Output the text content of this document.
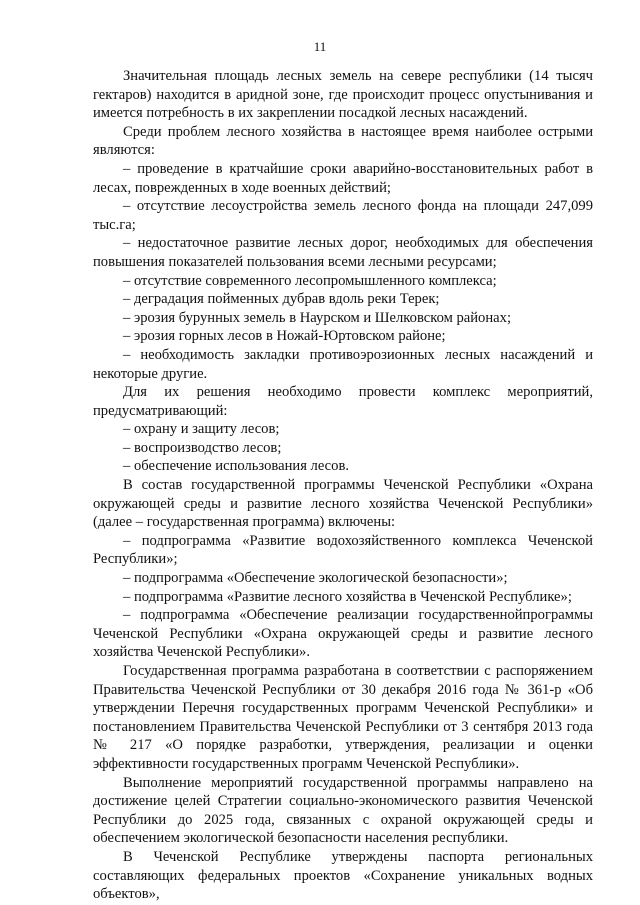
11

Значительная площадь лесных земель на севере республики (14 тысяч гектаров) находится в аридной зоне, где происходит процесс опустынивания и имеется потребность в их закреплении посадкой лесных насаждений.

Среди проблем лесного хозяйства в настоящее время наиболее острыми являются:

– проведение в кратчайшие сроки аварийно-восстановительных работ в лесах, поврежденных в ходе военных действий;

– отсутствие лесоустройства земель лесного фонда на площади 247,099 тыс.га;

– недостаточное развитие лесных дорог, необходимых для обеспечения повышения показателей пользования всеми лесными ресурсами;

– отсутствие современного лесопромышленного комплекса;

– деградация пойменных дубрав вдоль реки Терек;

– эрозия бурунных земель в Наурском и Шелковском районах;

– эрозия горных лесов в Ножай-Юртовском районе;

– необходимость закладки противоэрозионных лесных насаждений и некоторые другие.

Для их решения необходимо провести комплекс мероприятий, предусматривающий:

– охрану и защиту лесов;

– воспроизводство лесов;

– обеспечение использования лесов.

В состав государственной программы Чеченской Республики «Охрана окружающей среды и развитие лесного хозяйства Чеченской Республики» (далее – государственная программа) включены:

– подпрограмма «Развитие водохозяйственного комплекса Чеченской Республики»;

– подпрограмма «Обеспечение экологической безопасности»;

– подпрограмма «Развитие лесного хозяйства в Чеченской Республике»;

– подпрограмма «Обеспечение реализации государственнойпрограммы Чеченской Республики «Охрана окружающей среды и развитие лесного хозяйства Чеченской Республики».

Государственная программа разработана в соответствии с распоряжением Правительства Чеченской Республики от 30 декабря 2016 года № 361-р «Об утверждении Перечня государственных программ Чеченской Республики» и постановлением Правительства Чеченской Республики от 3 сентября 2013 года № 217 «О порядке разработки, утверждения, реализации и оценки эффективности государственных программ Чеченской Республики».

Выполнение мероприятий государственной программы направлено на достижение целей Стратегии социально-экономического развития Чеченской Республики до 2025 года, связанных с охраной окружающей среды и обеспечением экологической безопасности населения республики.

В Чеченской Республике утверждены паспорта региональных составляющих федеральных проектов «Сохранение уникальных водных объектов»,
